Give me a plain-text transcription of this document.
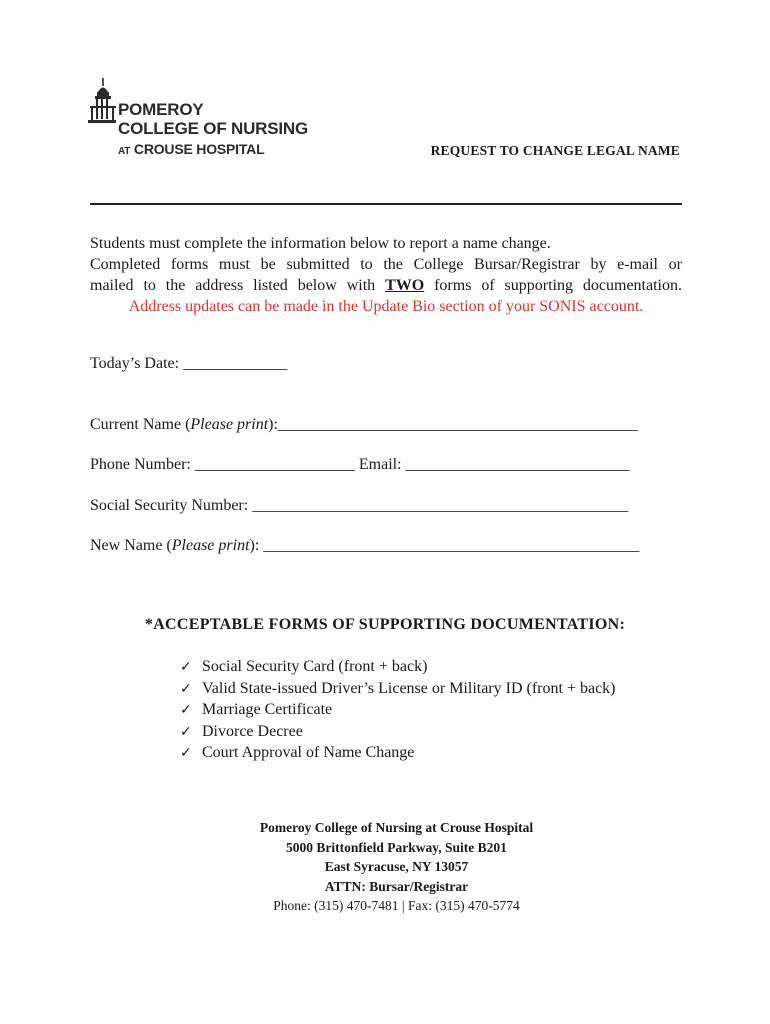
POMEROY
COLLEGE OF NURSING
AT CROUSE HOSPITAL	REQUEST TO CHANGE LEGAL NAME

Students must complete the information below to report a name change.

Completed forms must be submitted to the College Bursar/Registrar by e-mail or

mailed to the address listed below with TWO forms of supporting documentation.

Address updates can be made in the Update Bio section of your SONIS account.

Today’s Date: _____________
Current Name (Please print):_____________________________________________
Phone Number: ____________________ Email: ____________________________
Social Security Number: _______________________________________________
New Name (Please print): _______________________________________________
*ACCEPTABLE FORMS OF SUPPORTING DOCUMENTATION:
✓ Social Security Card (front + back)
✓ Valid State-issued Driver’s License or Military ID (front + back)
✓ Marriage Certificate
✓ Divorce Decree
✓ Court Approval of Name Change
Pomeroy College of Nursing at Crouse Hospital
5000 Brittonfield Parkway, Suite B201
East Syracuse, NY 13057
ATTN: Bursar/Registrar
Phone: (315) 470-7481 | Fax: (315) 470-5774
